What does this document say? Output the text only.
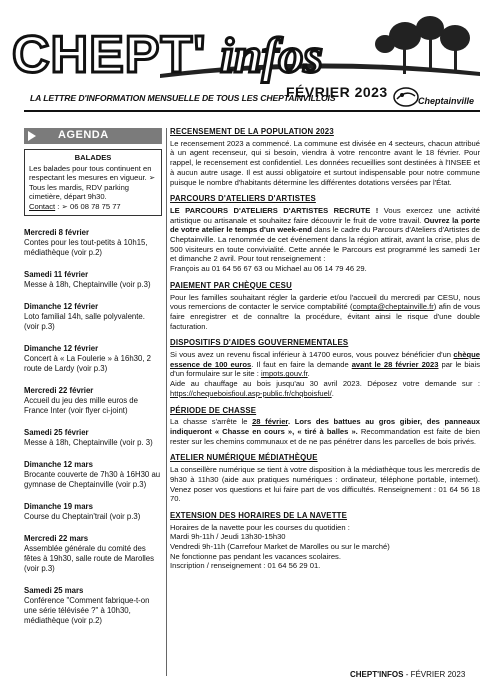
CHEPT' infos
LA LETTRE D'INFORMATION MENSUELLE DE TOUS LES CHEPTAINVILLOIS
FÉVRIER 2023
Cheptainville
AGENDA
BALADES
Les balades pour tous continuent en respectant les mesures en vigueur. ➢ Tous les mardis, RDV parking cimetière, départ 9h30.
Contact : ➢ 06 08 78 75 77
Mercredi 8 février
Contes pour les tout-petits à 10h15, médiathèque (voir p.2)
Samedi 11 février
Messe à 18h, Cheptainville (voir p.3)
Dimanche 12 février
Loto familial 14h, salle polyvalente. (voir p.3)
Dimanche 12 février
Concert à « La Foulerie » à 16h30, 2 route de Lardy (voir p.3)
Mercredi 22 février
Accueil du jeu des mille euros de France Inter (voir flyer ci-joint)
Samedi 25 février
Messe à 18h, Cheptainville (voir p. 3)
Dimanche 12 mars
Brocante couverte de 7h30 à 16H30 au gymnase de Cheptainville (voir p.3)
Dimanche 19 mars
Course du Cheptain'trail (voir p.3)
Mercredi 22 mars
Assemblée générale du comité des fêtes à 19h30, salle route de Marolles (voir p.3)
Samedi 25 mars
Conférence "Comment fabrique-t-on une série télévisée ?" à 10h30, médiathèque (voir p.2)
RECENSEMENT DE LA POPULATION 2023

Le recensement 2023 a commencé. La commune est divisée en 4 secteurs, chacun attribué à un agent recenseur, qui si besoin, viendra à votre rencontre avant le 18 février. Pour rappel, le recensement est confidentiel. Les données recueillies sont destinées à l'INSEE et à aucun autre usage. Il est aussi obligatoire et surtout indispensable pour notre commune puisque le nombre d'habitants détermine les différentes dotations versées par l'État.

PARCOURS D'ATELIERS D'ARTISTES

LE PARCOURS D'ATELIERS D'ARTISTES RECRUTE ! Vous exercez une activité artistique ou artisanale et souhaitez faire découvrir le fruit de votre travail. Ouvrez la porte de votre atelier le temps d'un week-end dans le cadre du Parcours d'Ateliers d'Artistes de Cheptainville. La renommée de cet événement dans la région attirait, avant la crise, plus de 500 visiteurs en toute convivialité. Cette année le Parcours est programmé les samedi 1er et dimanche 2 avril. Pour tout renseignement :

François au 01 64 56 67 63 ou Michael au 06 14 79 46 29.

PAIEMENT PAR CHÈQUE CESU

Pour les familles souhaitant régler la garderie et/ou l'accueil du mercredi par CESU, nous vous remercions de contacter le service comptabilité (compta@cheptainville.fr) afin de vous faire enregistrer et de connaître la procédure, évitant ainsi le risque d'une double facturation.

DISPOSITIFS D'AIDES GOUVERNEMENTALES

Si vous avez un revenu fiscal inférieur à 14700 euros, vous pouvez bénéficier d'un chèque essence de 100 euros. Il faut en faire la demande avant le 28 février 2023 par le biais d'un formulaire sur le site : impots.gouv.fr.

Aide au chauffage au bois jusqu'au 30 avril 2023. Déposez votre demande sur : https://chequeboisfioul.asp-public.fr/chqboisfuel/.

PÉRIODE DE CHASSE

La chasse s'arrête le 28 février. Lors des battues au gros gibier, des panneaux indiqueront « Chasse en cours », « tiré à balles ». Recommandation est faite de bien rester sur les chemins communaux et de ne pas pénétrer dans les parcelles de bois privés.

ATELIER NUMÉRIQUE MÉDIATHÈQUE

La conseillère numérique se tient à votre disposition à la médiathèque tous les mercredis de 9h30 à 11h30 (aide aux pratiques numériques : ordinateur, téléphone portable, internet). Venez poser vos questions et lui faire part de vos difficultés. Renseignement : 01 64 56 18 70.

EXTENSION DES HORAIRES DE LA NAVETTE
Horaires de la navette pour les courses du quotidien :
Mardi 9h-11h / Jeudi 13h30-15h30
Vendredi 9h-11h (Carrefour Market de Marolles ou sur le marché)
Ne fonctionne pas pendant les vacances scolaires.
Inscription / renseignement : 01 64 56 29 01.
CHEPT'INFOS - FÉVRIER 2023
